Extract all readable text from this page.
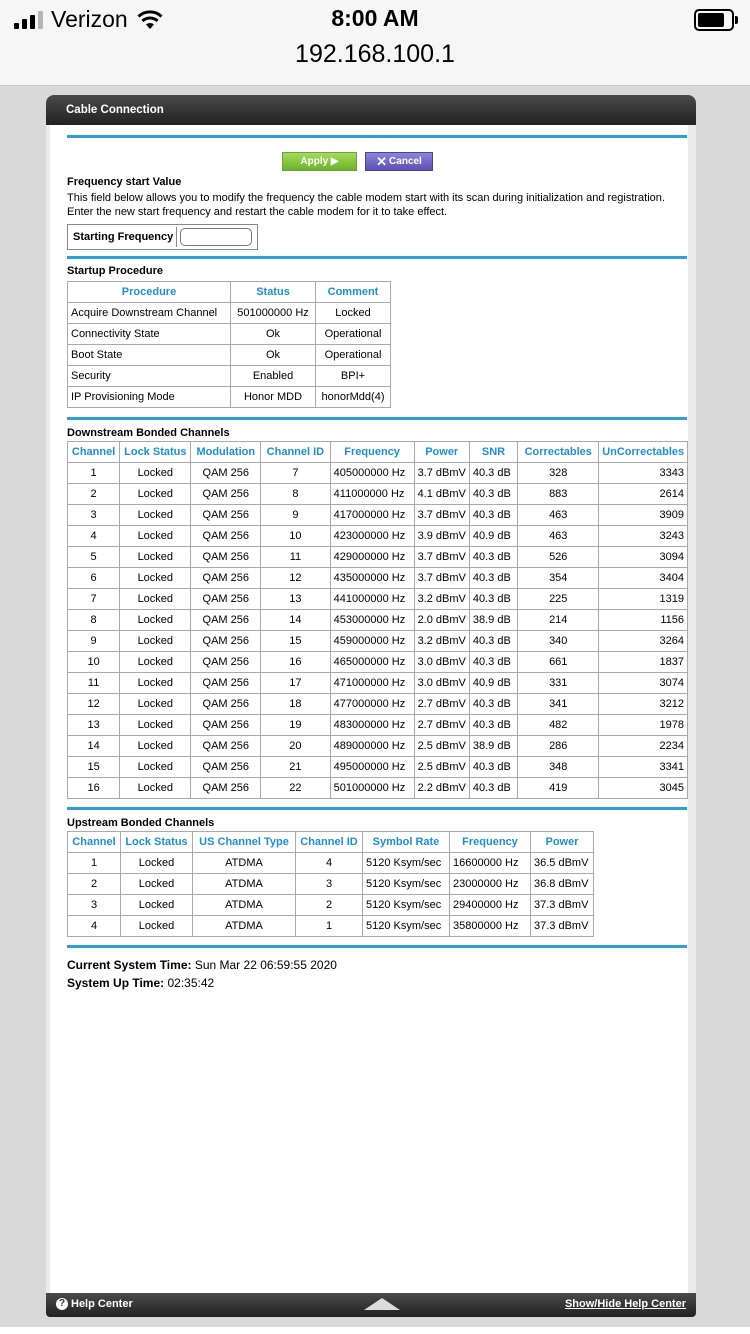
Verizon	8:00 AM
192.168.100.1
Cable Connection
Apply ▶	✕ Cancel
Frequency start Value

This field below allows you to modify the frequency the cable modem start with its scan during initialization and registration. Enter the new start frequency and restart the cable modem for it to take effect.

Starting Frequency
Startup Procedure
Procedure	Status	Comment
Acquire Downstream Channel	501000000 Hz	Locked
Connectivity State	Ok	Operational
Boot State	Ok	Operational
Security	Enabled	BPI+
IP Provisioning Mode	Honor MDD	honorMdd(4)
Downstream Bonded Channels
Channel	Lock Status	Modulation	Channel ID	Frequency	Power	SNR	Correctables	UnCorrectables
1	Locked	QAM 256	7	405000000 Hz	3.7 dBmV	40.3 dB	328	3343
2	Locked	QAM 256	8	411000000 Hz	4.1 dBmV	40.3 dB	883	2614
3	Locked	QAM 256	9	417000000 Hz	3.7 dBmV	40.3 dB	463	3909
4	Locked	QAM 256	10	423000000 Hz	3.9 dBmV	40.9 dB	463	3243
5	Locked	QAM 256	11	429000000 Hz	3.7 dBmV	40.3 dB	526	3094
6	Locked	QAM 256	12	435000000 Hz	3.7 dBmV	40.3 dB	354	3404
7	Locked	QAM 256	13	441000000 Hz	3.2 dBmV	40.3 dB	225	1319
8	Locked	QAM 256	14	453000000 Hz	2.0 dBmV	38.9 dB	214	1156
9	Locked	QAM 256	15	459000000 Hz	3.2 dBmV	40.3 dB	340	3264
10	Locked	QAM 256	16	465000000 Hz	3.0 dBmV	40.3 dB	661	1837
11	Locked	QAM 256	17	471000000 Hz	3.0 dBmV	40.9 dB	331	3074
12	Locked	QAM 256	18	477000000 Hz	2.7 dBmV	40.3 dB	341	3212
13	Locked	QAM 256	19	483000000 Hz	2.7 dBmV	40.3 dB	482	1978
14	Locked	QAM 256	20	489000000 Hz	2.5 dBmV	38.9 dB	286	2234
15	Locked	QAM 256	21	495000000 Hz	2.5 dBmV	40.3 dB	348	3341
16	Locked	QAM 256	22	501000000 Hz	2.2 dBmV	40.3 dB	419	3045
Upstream Bonded Channels
Channel	Lock Status	US Channel Type	Channel ID	Symbol Rate	Frequency	Power
1	Locked	ATDMA	4	5120 Ksym/sec	16600000 Hz	36.5 dBmV
2	Locked	ATDMA	3	5120 Ksym/sec	23000000 Hz	36.8 dBmV
3	Locked	ATDMA	2	5120 Ksym/sec	29400000 Hz	37.3 dBmV
4	Locked	ATDMA	1	5120 Ksym/sec	35800000 Hz	37.3 dBmV
Current System Time: Sun Mar 22 06:59:55 2020
System Up Time: 02:35:42
? Help Center	Show/Hide Help Center
